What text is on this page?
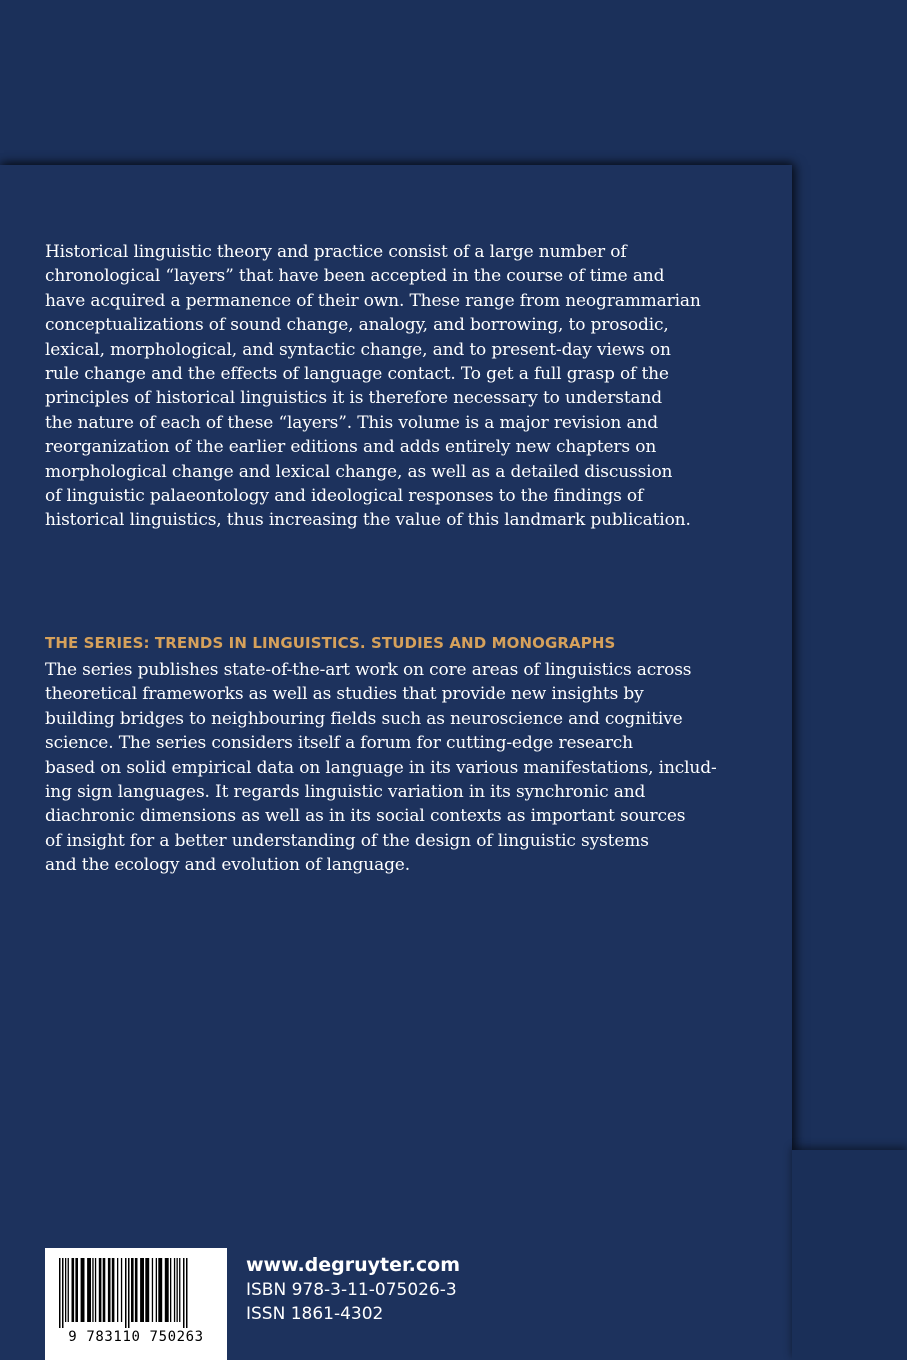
Historical linguistic theory and practice consist of a large number of
chronological “layers” that have been accepted in the course of time and
have acquired a permanence of their own. These range from neogrammarian
conceptualizations of sound change, analogy, and borrowing, to prosodic,
lexical, morphological, and syntactic change, and to present-day views on
rule change and the effects of language contact. To get a full grasp of the
principles of historical linguistics it is therefore necessary to understand
the nature of each of these “layers”. This volume is a major revision and
reorganization of the earlier editions and adds entirely new chapters on
morphological change and lexical change, as well as a detailed discussion
of linguistic palaeontology and ideological responses to the findings of
historical linguistics, thus increasing the value of this landmark publication.

THE SERIES: TRENDS IN LINGUISTICS. STUDIES AND MONOGRAPHS

The series publishes state-of-the-art work on core areas of linguistics across
theoretical frameworks as well as studies that provide new insights by
building bridges to neighbouring fields such as neuroscience and cognitive
science. The series considers itself a forum for cutting-edge research
based on solid empirical data on language in its various manifestations, includ-
ing sign languages. It regards linguistic variation in its synchronic and
diachronic dimensions as well as in its social contexts as important sources
of insight for a better understanding of the design of linguistic systems
and the ecology and evolution of language.

9 783110 750263
www.degruyter.com
ISBN 978-3-11-075026-3
ISSN 1861-4302
